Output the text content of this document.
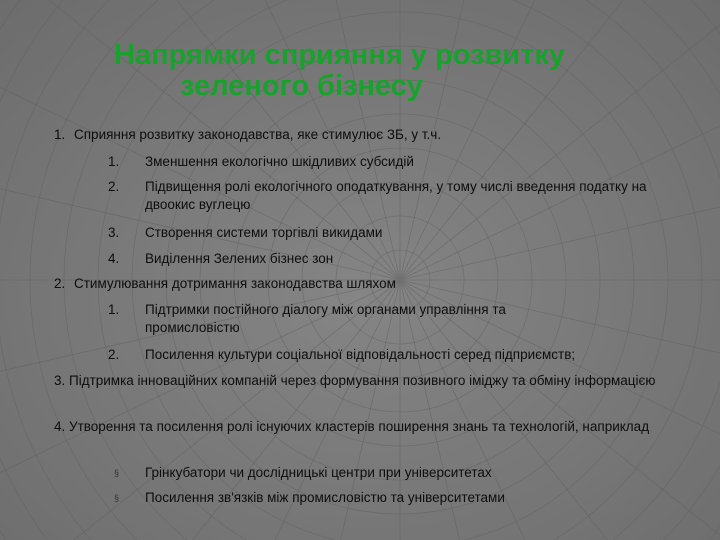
Напрямки сприяння у розвитку
зеленого бізнесу
1. Сприяння розвитку законодавства, яке стимулює ЗБ, у т.ч.
1. Зменшення екологічно шкідливих субсидій
2. Підвищення ролі екологічного оподаткування, у тому числі введення податку на двоокис вуглецю
3. Створення системи торгівлі викидами
4. Виділення Зелених бізнес зон
2. Стимулювання дотримання законодавства шляхом
1. Підтримки постійного діалогу між органами управління та промисловістю
2. Посилення культури соціальної відповідальності серед підприємств;
3. Підтримка інноваційних компаній через формування позивного іміджу та обміну інформацією
4. Утворення та посилення ролі існуючих кластерів поширення знань та технологій, наприклад
§ Грінкубатори чи дослідницькі центри при університетах
§ Посилення зв'язків між промисловістю та університетами
